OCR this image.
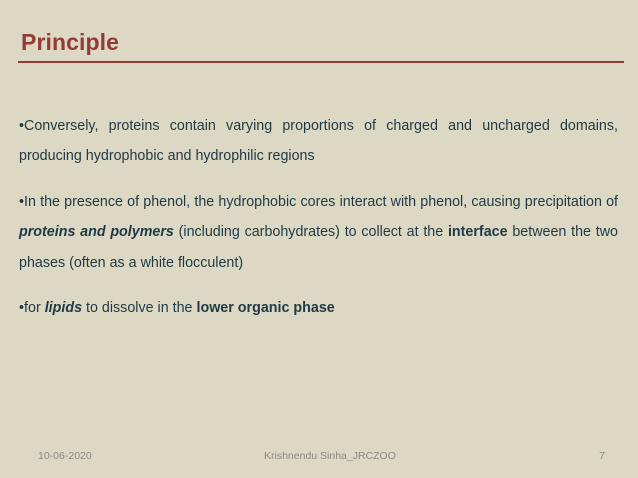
Principle
•Conversely, proteins contain varying proportions of charged and uncharged domains, producing hydrophobic and hydrophilic regions
•In the presence of phenol, the hydrophobic cores interact with phenol, causing precipitation of proteins and polymers (including carbohydrates) to collect at the interface between the two phases (often as a white flocculent)
•for lipids to dissolve in the lower organic phase
10-06-2020	Krishnendu Sinha_JRCZOO	7
